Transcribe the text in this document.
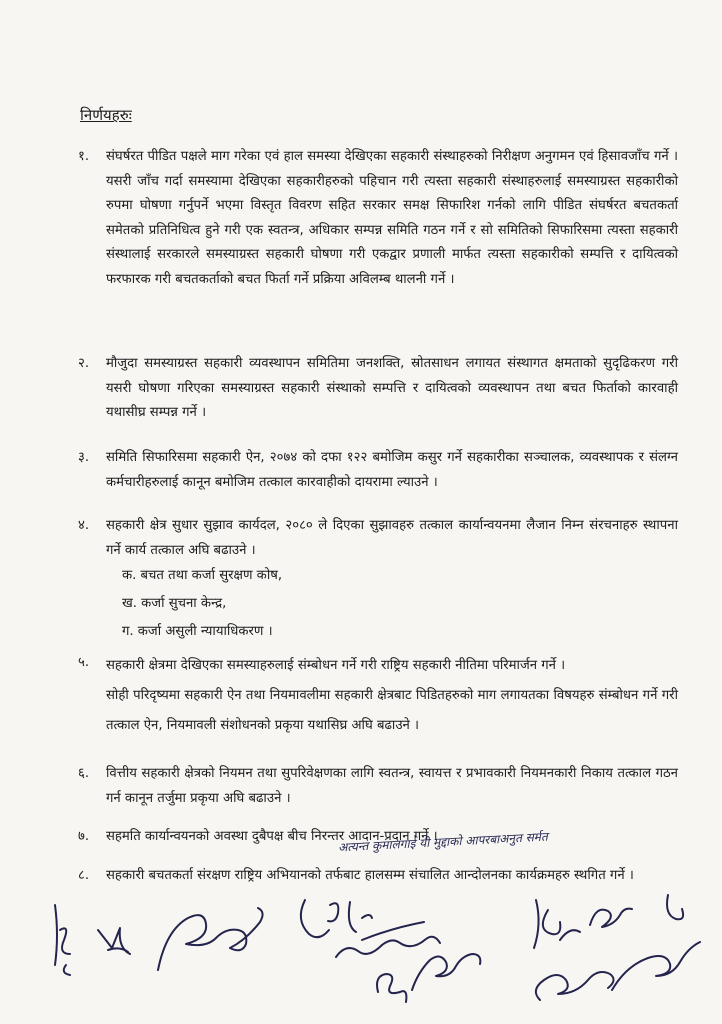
निर्णयहरुः
१.	संघर्षरत पीडित पक्षले माग गरेका एवं हाल समस्या देखिएका सहकारी संस्थाहरुको निरीक्षण अनुगमन एवं हिसावजाँच गर्ने । यसरी जाँच गर्दा समस्यामा देखिएका सहकारीहरुको पहिचान गरी त्यस्ता सहकारी संस्थाहरुलाई समस्याग्रस्त सहकारीको रुपमा घोषणा गर्नुपर्ने भएमा विस्तृत विवरण सहित सरकार समक्ष सिफारिश गर्नको लागि पीडित संघर्षरत बचतकर्ता समेतको प्रतिनिधित्व हुने गरी एक स्वतन्त्र, अधिकार सम्पन्न समिति गठन गर्ने र सो समितिको सिफारिसमा त्यस्ता सहकारी संस्थालाई सरकारले समस्याग्रस्त सहकारी घोषणा गरी एकद्वार प्रणाली मार्फत त्यस्ता सहकारीको सम्पत्ति र दायित्वको फरफारक गरी बचतकर्ताको बचत फिर्ता गर्ने प्रक्रिया अविलम्ब थालनी गर्ने ।

२.	मौजुदा समस्याग्रस्त सहकारी व्यवस्थापन समितिमा जनशक्ति, स्रोतसाधन लगायत संस्थागत क्षमताको सुदृढिकरण गरी यसरी घोषणा गरिएका समस्याग्रस्त सहकारी संस्थाको सम्पत्ति र दायित्वको व्यवस्थापन तथा बचत फिर्ताको कारवाही यथासीघ्र सम्पन्न गर्ने ।

३.	समिति सिफारिसमा सहकारी ऐन, २०७४ को दफा १२२ बमोजिम कसुर गर्ने सहकारीका सञ्चालक, व्यवस्थापक र संलग्न कर्मचारीहरुलाई कानून बमोजिम तत्काल कारवाहीको दायरामा ल्याउने ।

४.	सहकारी क्षेत्र सुधार सुझाव कार्यदल, २०८० ले दिएका सुझावहरु तत्काल कार्यान्वयनमा लैजान निम्न संरचनाहरु स्थापना गर्ने कार्य तत्काल अघि बढाउने ।

क. बचत तथा कर्जा सुरक्षण कोष,
ख. कर्जा सुचना केन्द्र,
ग. कर्जा असुली न्यायाधिकरण ।
५.	सहकारी क्षेत्रमा देखिएका समस्याहरुलाई संम्बोधन गर्ने गरी राष्ट्रिय सहकारी नीतिमा परिमार्जन गर्ने ।

सोही परिदृष्यमा सहकारी ऐन तथा नियमावलीमा सहकारी क्षेत्रबाट पिडितहरुको माग लगायतका विषयहरु संम्बोधन गर्ने गरी तत्काल ऐन, नियमावली संशोधनको प्रकृया यथासिघ्र अघि बढाउने ।

६.	वित्तीय सहकारी क्षेत्रको नियमन तथा सुपरिवेक्षणका लागि स्वतन्त्र, स्वायत्त र प्रभावकारी नियमनकारी निकाय तत्काल गठन गर्न कानून तर्जुमा प्रकृया अघि बढाउने ।

७.	सहमति कार्यान्वयनको अवस्था दुबैपक्ष बीच निरन्तर आदान-प्रदान गर्ने ।

अत्यन्त कुमालगाई यी मुद्दाको आपरबाअनुत सर्मत
८.	सहकारी बचतकर्ता संरक्षण राष्ट्रिय अभियानको तर्फबाट हालसम्म संचालित आन्दोलनका कार्यक्रमहरु स्थगित गर्ने ।
